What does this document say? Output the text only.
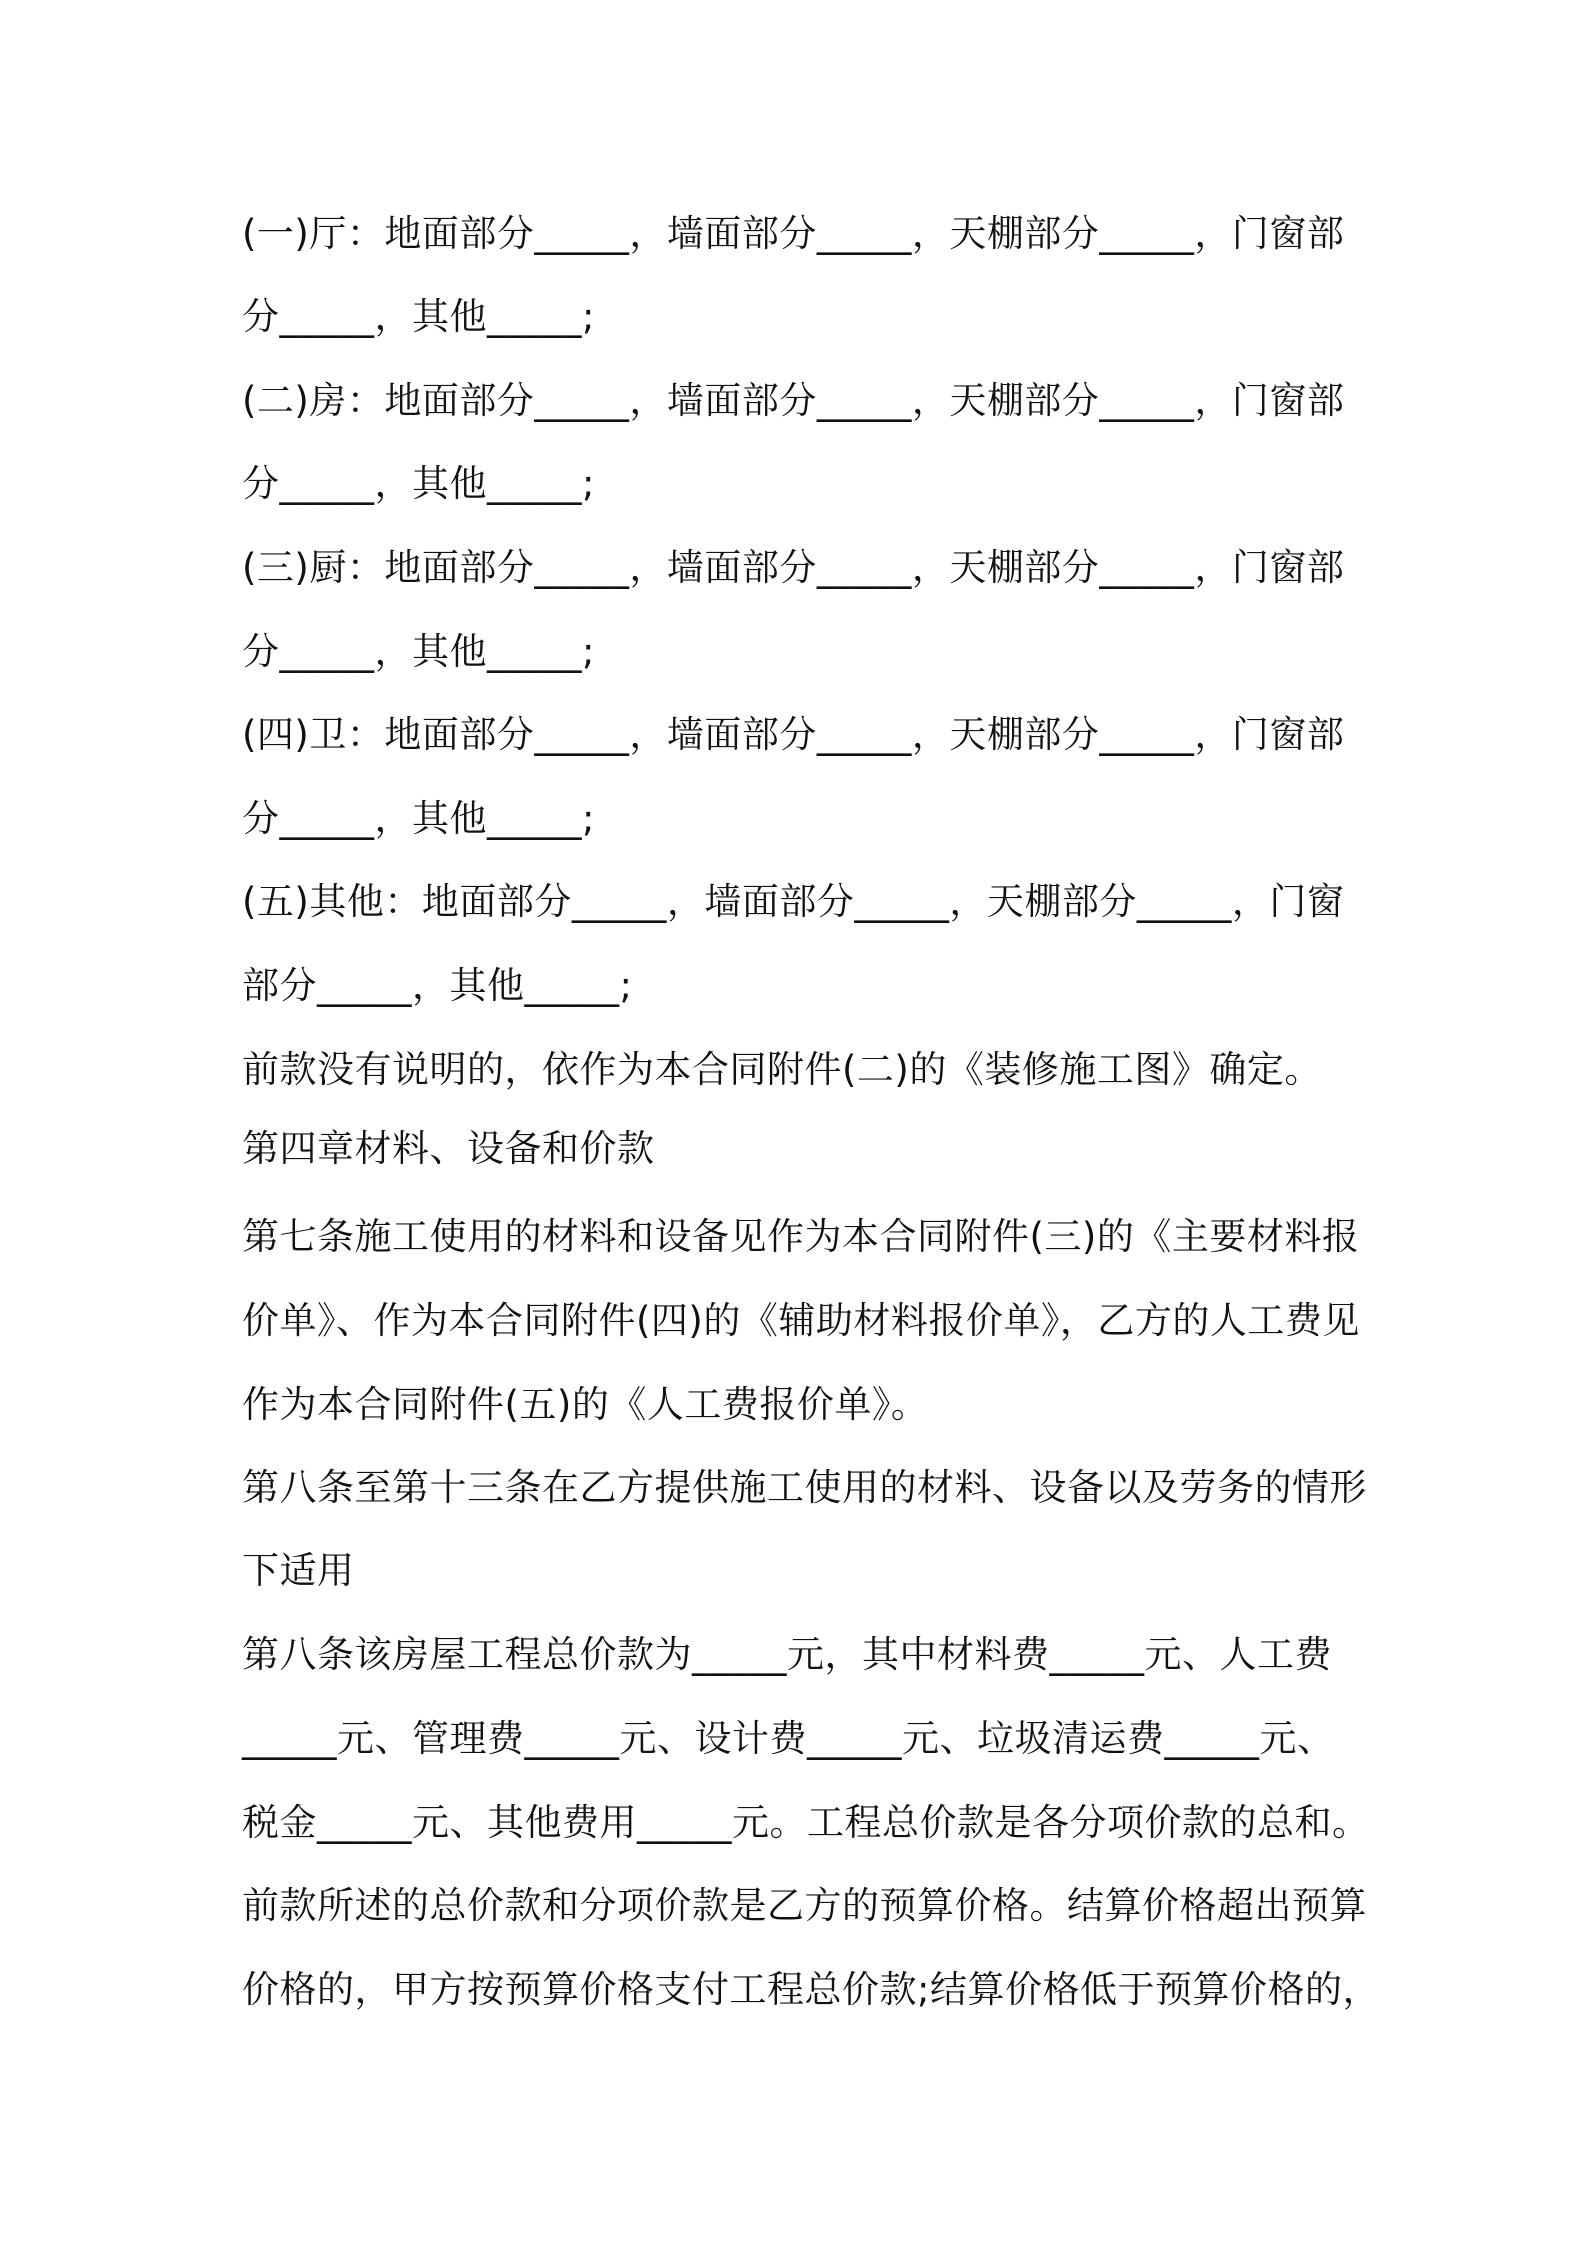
(一)厅：地面部分_____，墙面部分_____，天棚部分_____，门窗部
分_____，其他_____;
(二)房：地面部分_____，墙面部分_____，天棚部分_____，门窗部
分_____，其他_____;
(三)厨：地面部分_____，墙面部分_____，天棚部分_____，门窗部
分_____，其他_____;
(四)卫：地面部分_____，墙面部分_____，天棚部分_____，门窗部
分_____，其他_____;
(五)其他：地面部分_____，墙面部分_____，天棚部分_____，门窗
部分_____，其他_____;
前款没有说明的，依作为本合同附件(二)的《装修施工图》确定。
第四章材料、设备和价款
第七条施工使用的材料和设备见作为本合同附件(三)的《主要材料报
价单》、作为本合同附件(四)的《辅助材料报价单》，乙方的人工费见
作为本合同附件(五)的《人工费报价单》。
第八条至第十三条在乙方提供施工使用的材料、设备以及劳务的情形
下适用
第八条该房屋工程总价款为_____元，其中材料费_____元、人工费
_____元、管理费_____元、设计费_____元、垃圾清运费_____元、
税金_____元、其他费用_____元。工程总价款是各分项价款的总和。
前款所述的总价款和分项价款是乙方的预算价格。结算价格超出预算
价格的，甲方按预算价格支付工程总价款;结算价格低于预算价格的，
